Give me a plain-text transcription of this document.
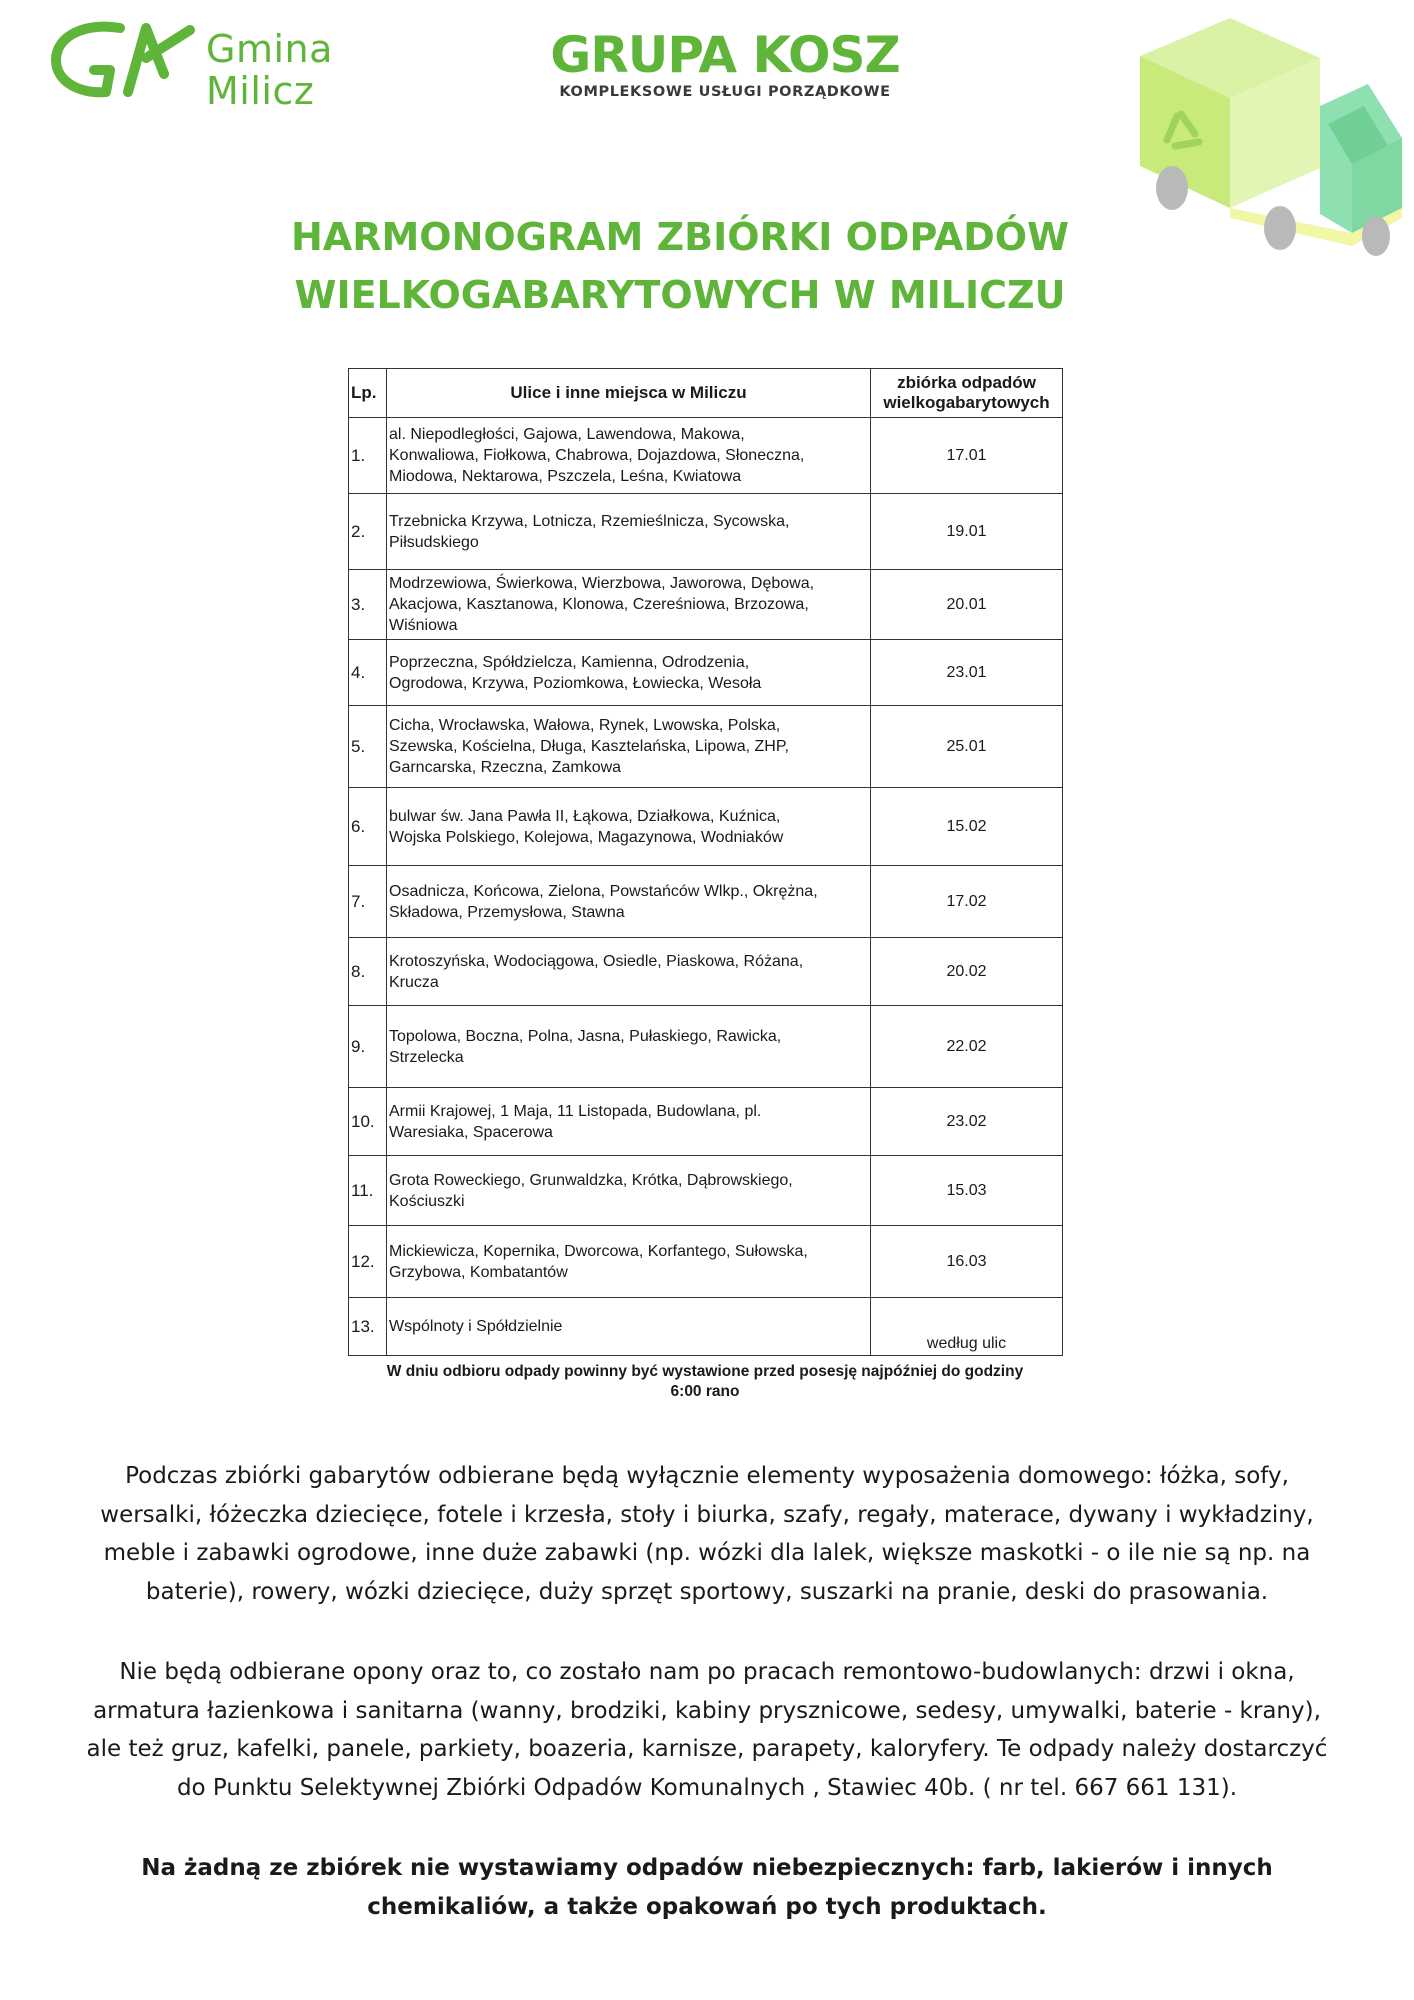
Gmina
Milicz
GRUPA KOSZ
KOMPLEKSOWE USŁUGI PORZĄDKOWE
HARMONOGRAM ZBIÓRKI ODPADÓW
WIELKOGABARYTOWYCH W MILICZU
Lp.	Ulice i inne miejsca w Miliczu	zbiórka odpadów
wielkogabarytowych

1.	al. Niepodległości, Gajowa, Lawendowa, Makowa,
Konwaliowa, Fiołkowa, Chabrowa, Dojazdowa, Słoneczna,
Miodowa, Nektarowa, Pszczela, Leśna, Kwiatowa	17.01
2.	Trzebnicka Krzywa, Lotnicza, Rzemieślnicza, Sycowska,
Piłsudskiego	19.01
3.	Modrzewiowa, Świerkowa, Wierzbowa, Jaworowa, Dębowa,
Akacjowa, Kasztanowa, Klonowa, Czereśniowa, Brzozowa,
Wiśniowa	20.01
4.	Poprzeczna, Spółdzielcza, Kamienna, Odrodzenia,
Ogrodowa, Krzywa, Poziomkowa, Łowiecka, Wesoła	23.01
5.	Cicha, Wrocławska, Wałowa, Rynek, Lwowska, Polska,
Szewska, Kościelna, Długa, Kasztelańska, Lipowa, ZHP,
Garncarska, Rzeczna, Zamkowa	25.01
6.	bulwar św. Jana Pawła II, Łąkowa, Działkowa, Kuźnica,
Wojska Polskiego, Kolejowa, Magazynowa, Wodniaków	15.02
7.	Osadnicza, Końcowa, Zielona, Powstańców Wlkp., Okrężna,
Składowa, Przemysłowa, Stawna	17.02
8.	Krotoszyńska, Wodociągowa, Osiedle, Piaskowa, Różana,
Krucza	20.02
9.	Topolowa, Boczna, Polna, Jasna, Pułaskiego, Rawicka,
Strzelecka	22.02
10.	Armii Krajowej, 1 Maja, 11 Listopada, Budowlana, pl.
Waresiaka, Spacerowa	23.02
11.	Grota Roweckiego, Grunwaldzka, Krótka, Dąbrowskiego,
Kościuszki	15.03
12.	Mickiewicza, Kopernika, Dworcowa, Korfantego, Sułowska,
Grzybowa, Kombatantów	16.03
13.	Wspólnoty i Spółdzielnie	według ulic
W dniu odbioru odpady powinny być wystawione przed posesję najpóźniej do godziny
6:00 rano
Podczas zbiórki gabarytów odbierane będą wyłącznie elementy wyposażenia domowego: łóżka, sofy,
wersalki, łóżeczka dziecięce, fotele i krzesła, stoły i biurka, szafy, regały, materace, dywany i wykładziny,
meble i zabawki ogrodowe, inne duże zabawki (np. wózki dla lalek, większe maskotki - o ile nie są np. na
baterie), rowery, wózki dziecięce, duży sprzęt sportowy, suszarki na pranie, deski do prasowania.
Nie będą odbierane opony oraz to, co zostało nam po pracach remontowo-budowlanych: drzwi i okna,
armatura łazienkowa i sanitarna (wanny, brodziki, kabiny prysznicowe, sedesy, umywalki, baterie - krany),
ale też gruz, kafelki, panele, parkiety, boazeria, karnisze, parapety, kaloryfery. Te odpady należy dostarczyć
do Punktu Selektywnej Zbiórki Odpadów Komunalnych , Stawiec 40b. ( nr tel. 667 661 131).
Na żadną ze zbiórek nie wystawiamy odpadów niebezpiecznych: farb, lakierów i innych
chemikaliów, a także opakowań po tych produktach.
